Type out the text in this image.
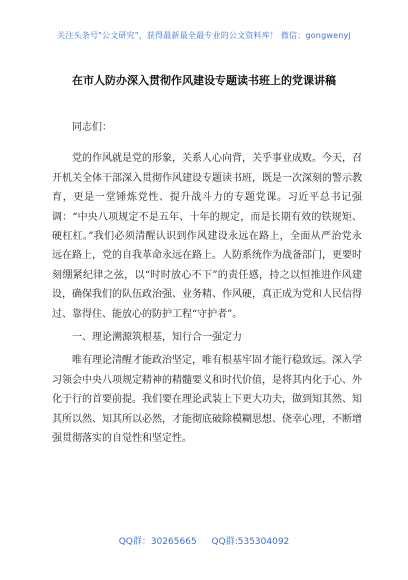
关注头条号"公文研究"，获得最新最全最专业的公文资料库！ 微信：gongwenyj
在市人防办深入贯彻作风建设专题读书班上的党课讲稿

同志们：

党的作风就是党的形象，关系人心向背，关乎事业成败。今天，召开机关全体干部深入贯彻作风建设专题读书班，既是一次深刻的警示教育，更是一堂锤炼党性、提升战斗力的专题党课。习近平总书记强调：“中央八项规定不是五年、十年的规定，而是长期有效的铁规矩、硬杠杠。”我们必须清醒认识到作风建设永远在路上，全面从严治党永远在路上，党的自我革命永远在路上。人防系统作为战备部门，更要时刻绷紧纪律之弦，以“时时放心不下”的责任感，持之以恒推进作风建设，确保我们的队伍政治强、业务精、作风硬，真正成为党和人民信得过、靠得住、能放心的防护工程“守护者”。

一、理论溯源筑根基，知行合一强定力

唯有理论清醒才能政治坚定，唯有根基牢固才能行稳致远。深入学习领会中央八项规定精神的精髓要义和时代价值，是将其内化于心、外化于行的首要前提。我们要在理论武装上下更大功夫，做到知其然、知其所以然、知其所以必然，才能彻底破除模糊思想、侥幸心理，不断增强贯彻落实的自觉性和坚定性。

QQ群：30265665 QQ群:535304092
